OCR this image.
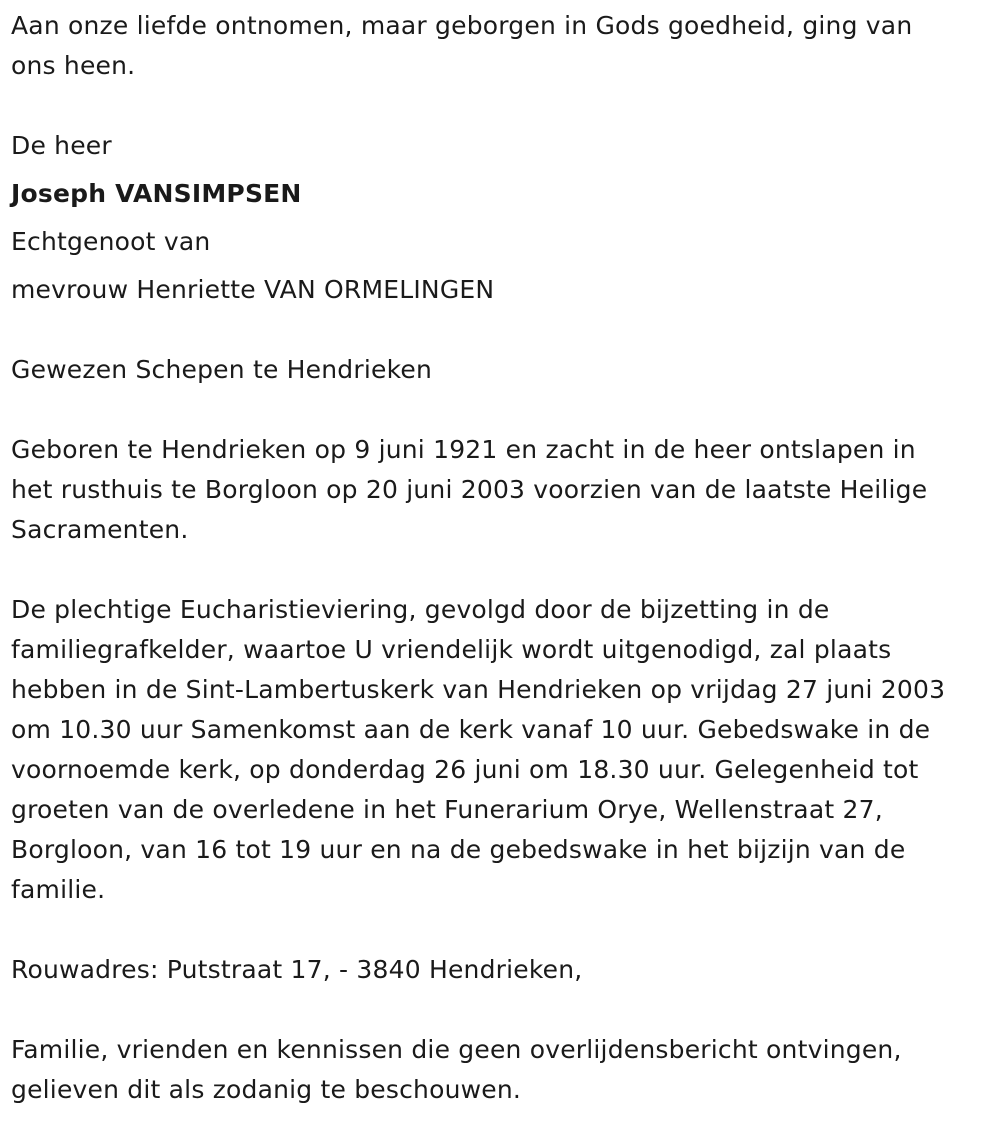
Aan onze liefde ontnomen, maar geborgen in Gods goedheid, ging van
ons heen.
De heer
Joseph VANSIMPSEN
Echtgenoot van
mevrouw Henriette VAN ORMELINGEN
Gewezen Schepen te Hendrieken
Geboren te Hendrieken op 9 juni 1921 en zacht in de heer ontslapen in
het rusthuis te Borgloon op 20 juni 2003 voorzien van de laatste Heilige
Sacramenten.
De plechtige Eucharistieviering, gevolgd door de bijzetting in de
familiegrafkelder, waartoe U vriendelijk wordt uitgenodigd, zal plaats
hebben in de Sint-Lambertuskerk van Hendrieken op vrijdag 27 juni 2003
om 10.30 uur Samenkomst aan de kerk vanaf 10 uur. Gebedswake in de
voornoemde kerk, op donderdag 26 juni om 18.30 uur. Gelegenheid tot
groeten van de overledene in het Funerarium Orye, Wellenstraat 27,
Borgloon, van 16 tot 19 uur en na de gebedswake in het bijzijn van de
familie.
Rouwadres: Putstraat 17, - 3840 Hendrieken,
Familie, vrienden en kennissen die geen overlijdensbericht ontvingen,
gelieven dit als zodanig te beschouwen.
